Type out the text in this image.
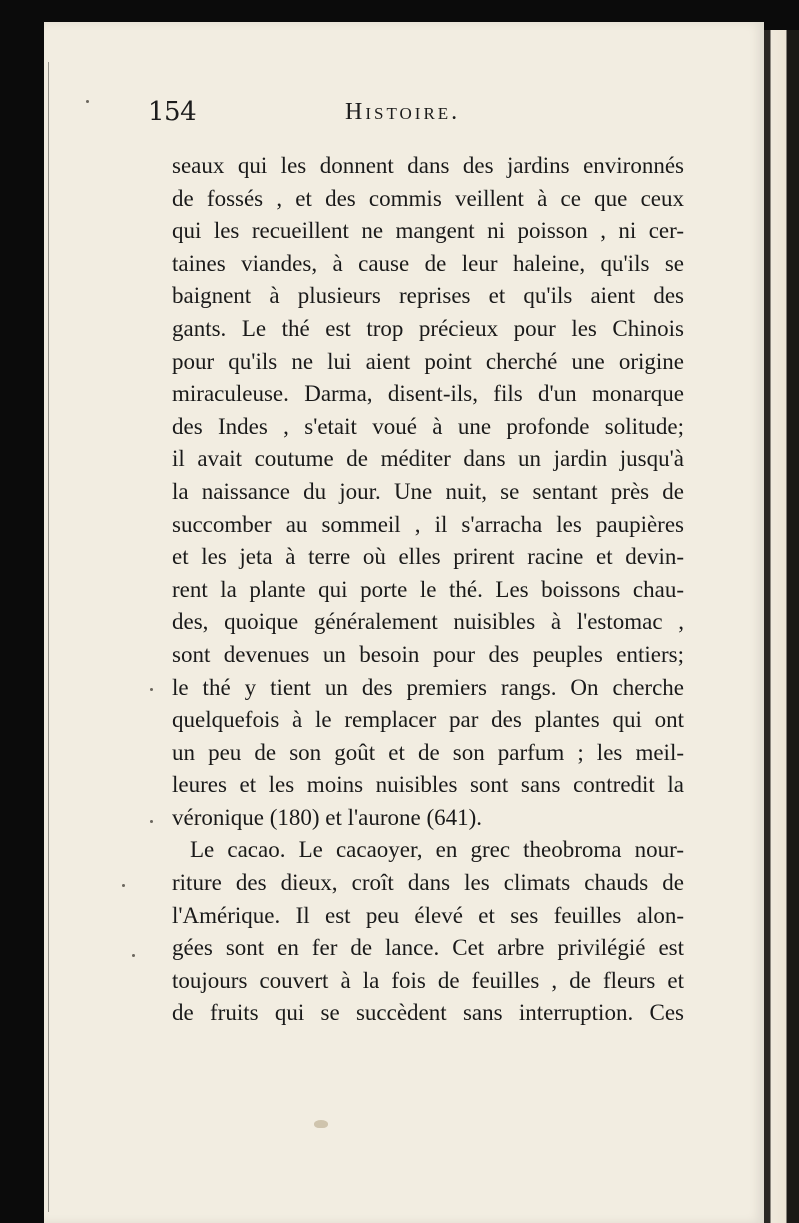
154	Histoire.
seaux qui les donnent dans des jardins environnés
de fossés , et des commis veillent à ce que ceux
qui les recueillent ne mangent ni poisson , ni cer-
taines viandes, à cause de leur haleine, qu'ils se
baignent à plusieurs reprises et qu'ils aient des
gants. Le thé est trop précieux pour les Chinois
pour qu'ils ne lui aient point cherché une origine
miraculeuse. Darma, disent-ils, fils d'un monarque
des Indes , s'etait voué à une profonde solitude;
il avait coutume de méditer dans un jardin jusqu'à
la naissance du jour. Une nuit, se sentant près de
succomber au sommeil , il s'arracha les paupières
et les jeta à terre où elles prirent racine et devin-
rent la plante qui porte le thé. Les boissons chau-
des, quoique généralement nuisibles à l'estomac ,
sont devenues un besoin pour des peuples entiers;
le thé y tient un des premiers rangs. On cherche
quelquefois à le remplacer par des plantes qui ont
un peu de son goût et de son parfum ; les meil-
leures et les moins nuisibles sont sans contredit la
véronique (180) et l'aurone (641).
Le cacao. Le cacaoyer, en grec theobroma nour-
riture des dieux, croît dans les climats chauds de
l'Amérique. Il est peu élevé et ses feuilles alon-
gées sont en fer de lance. Cet arbre privilégié est
toujours couvert à la fois de feuilles , de fleurs et
de fruits qui se succèdent sans interruption. Ces
